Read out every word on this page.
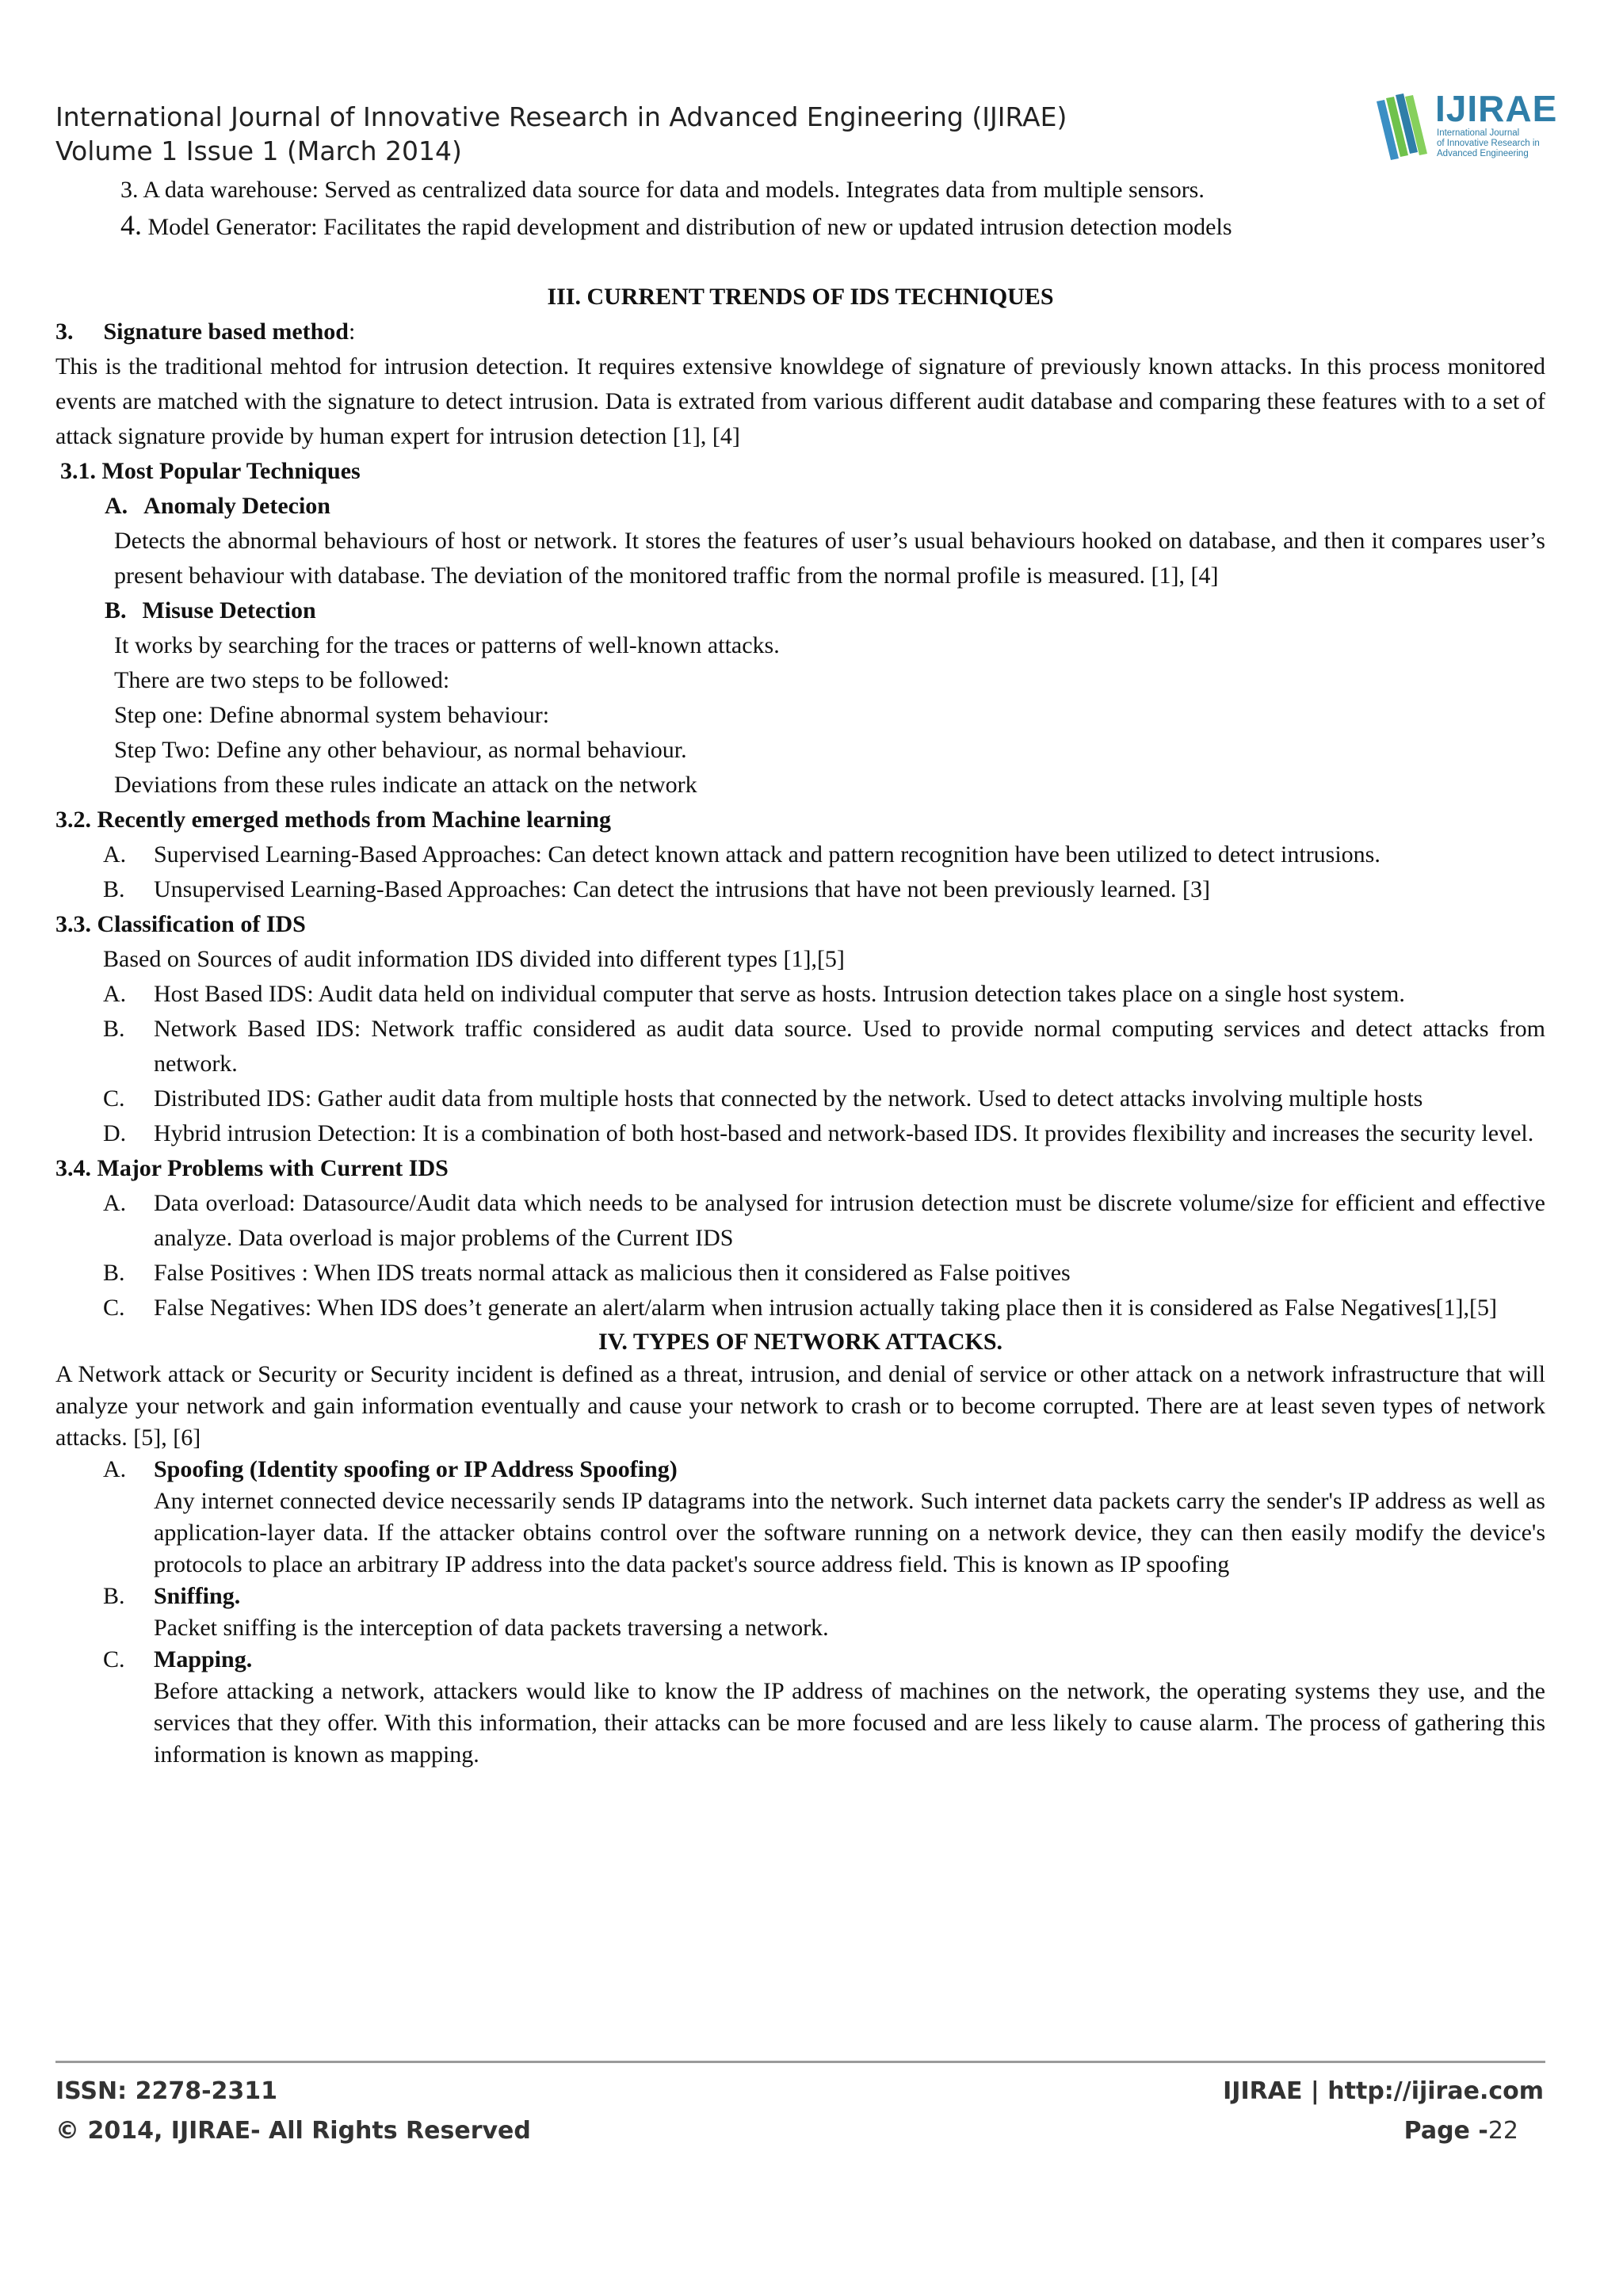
International Journal of Innovative Research in Advanced Engineering (IJIRAE)
Volume 1 Issue 1 (March 2014)
IJIRAE
International Journal
of Innovative Research in
Advanced Engineering
3. A data warehouse: Served as centralized data source for data and models. Integrates data from multiple sensors.
4. Model Generator: Facilitates the rapid development and distribution of new or updated intrusion detection models
III. CURRENT TRENDS OF IDS TECHNIQUES
3. Signature based method:
This is the traditional mehtod for intrusion detection. It requires extensive knowldege of signature of previously known attacks. In this process monitored events are matched with the signature to detect intrusion. Data is extrated from various different audit database and comparing these features with to a set of attack signature provide by human expert for intrusion detection [1], [4]
3.1. Most Popular Techniques
A. Anomaly Detecion
Detects the abnormal behaviours of host or network. It stores the features of user’s usual behaviours hooked on database, and then it compares user’s present behaviour with database. The deviation of the monitored traffic from the normal profile is measured. [1], [4]
B. Misuse Detection
It works by searching for the traces or patterns of well-known attacks.
There are two steps to be followed:
Step one: Define abnormal system behaviour:
Step Two: Define any other behaviour, as normal behaviour.
Deviations from these rules indicate an attack on the network
3.2. Recently emerged methods from Machine learning
A.	Supervised Learning-Based Approaches: Can detect known attack and pattern recognition have been utilized to detect intrusions.
B.	Unsupervised Learning-Based Approaches: Can detect the intrusions that have not been previously learned. [3]
3.3. Classification of IDS
Based on Sources of audit information IDS divided into different types [1],[5]
A.	Host Based IDS: Audit data held on individual computer that serve as hosts. Intrusion detection takes place on a single host system.
B.	Network Based IDS: Network traffic considered as audit data source. Used to provide normal computing services and detect attacks from network.
C.	Distributed IDS: Gather audit data from multiple hosts that connected by the network. Used to detect attacks involving multiple hosts
D.	Hybrid intrusion Detection: It is a combination of both host-based and network-based IDS. It provides flexibility and increases the security level.
3.4. Major Problems with Current IDS
A.	Data overload: Datasource/Audit data which needs to be analysed for intrusion detection must be discrete volume/size for efficient and effective analyze. Data overload is major problems of the Current IDS
B.	False Positives : When IDS treats normal attack as malicious then it considered as False poitives
C.	False Negatives: When IDS does’t generate an alert/alarm when intrusion actually taking place then it is considered as False Negatives[1],[5]
IV. TYPES OF NETWORK ATTACKS.
A Network attack or Security or Security incident is defined as a threat, intrusion, and denial of service or other attack on a network infrastructure that will analyze your network and gain information eventually and cause your network to crash or to become corrupted. There are at least seven types of network attacks. [5], [6]
A.	Spoofing (Identity spoofing or IP Address Spoofing)
Any internet connected device necessarily sends IP datagrams into the network. Such internet data packets carry the sender's IP address as well as application-layer data. If the attacker obtains control over the software running on a network device, they can then easily modify the device's protocols to place an arbitrary IP address into the data packet's source address field. This is known as IP spoofing
B.	Sniffing.
Packet sniffing is the interception of data packets traversing a network.
C.	Mapping.
Before attacking a network, attackers would like to know the IP address of machines on the network, the operating systems they use, and the services that they offer. With this information, their attacks can be more focused and are less likely to cause alarm. The process of gathering this information is known as mapping.
ISSN: 2278-2311
© 2014, IJIRAE- All Rights Reserved
IJIRAE | http://ijirae.com
Page -22
